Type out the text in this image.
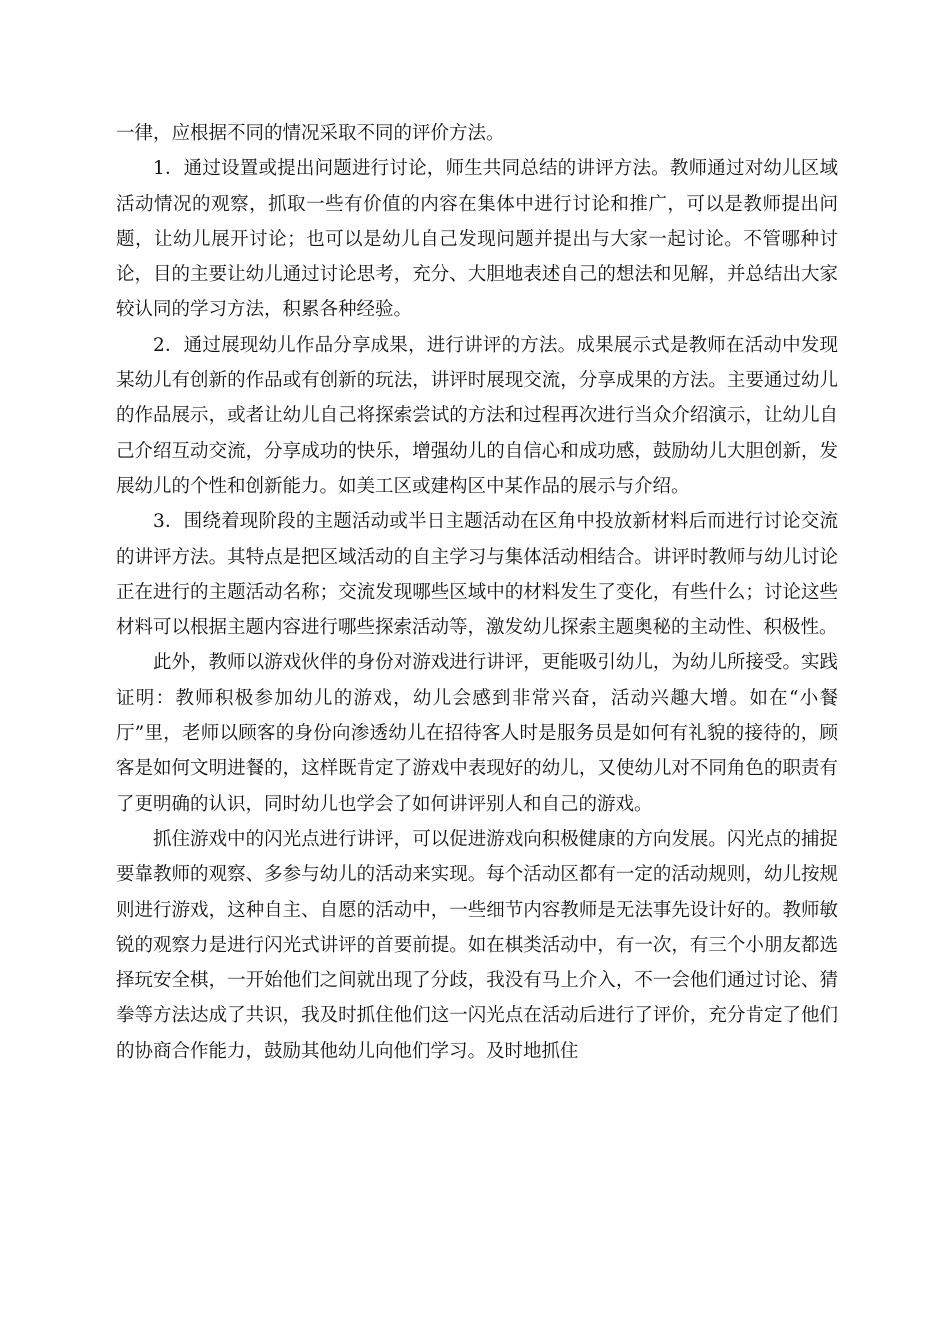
一律，应根据不同的情况采取不同的评价方法。

1．通过设置或提出问题进行讨论，师生共同总结的讲评方法。教师通过对幼儿区域活动情况的观察，抓取一些有价值的内容在集体中进行讨论和推广，可以是教师提出问题，让幼儿展开讨论；也可以是幼儿自己发现问题并提出与大家一起讨论。不管哪种讨论，目的主要让幼儿通过讨论思考，充分、大胆地表述自己的想法和见解，并总结出大家较认同的学习方法，积累各种经验。

2．通过展现幼儿作品分享成果，进行讲评的方法。成果展示式是教师在活动中发现某幼儿有创新的作品或有创新的玩法，讲评时展现交流，分享成果的方法。主要通过幼儿的作品展示，或者让幼儿自己将探索尝试的方法和过程再次进行当众介绍演示，让幼儿自己介绍互动交流，分享成功的快乐，增强幼儿的自信心和成功感，鼓励幼儿大胆创新，发展幼儿的个性和创新能力。如美工区或建构区中某作品的展示与介绍。

3．围绕着现阶段的主题活动或半日主题活动在区角中投放新材料后而进行讨论交流的讲评方法。其特点是把区域活动的自主学习与集体活动相结合。讲评时教师与幼儿讨论正在进行的主题活动名称；交流发现哪些区域中的材料发生了变化，有些什么；讨论这些材料可以根据主题内容进行哪些探索活动等，激发幼儿探索主题奥秘的主动性、积极性。

此外，教师以游戏伙伴的身份对游戏进行讲评，更能吸引幼儿，为幼儿所接受。实践证明：教师积极参加幼儿的游戏，幼儿会感到非常兴奋，活动兴趣大增。如在“小餐厅”里，老师以顾客的身份向渗透幼儿在招待客人时是服务员是如何有礼貌的接待的，顾客是如何文明进餐的，这样既肯定了游戏中表现好的幼儿，又使幼儿对不同角色的职责有了更明确的认识，同时幼儿也学会了如何讲评别人和自己的游戏。

抓住游戏中的闪光点进行讲评，可以促进游戏向积极健康的方向发展。闪光点的捕捉要靠教师的观察、多参与幼儿的活动来实现。每个活动区都有一定的活动规则，幼儿按规则进行游戏，这种自主、自愿的活动中，一些细节内容教师是无法事先设计好的。教师敏锐的观察力是进行闪光式讲评的首要前提。如在棋类活动中，有一次，有三个小朋友都选择玩安全棋，一开始他们之间就出现了分歧，我没有马上介入，不一会他们通过讨论、猜拳等方法达成了共识，我及时抓住他们这一闪光点在活动后进行了评价，充分肯定了他们的协商合作能力，鼓励其他幼儿向他们学习。及时地抓住
